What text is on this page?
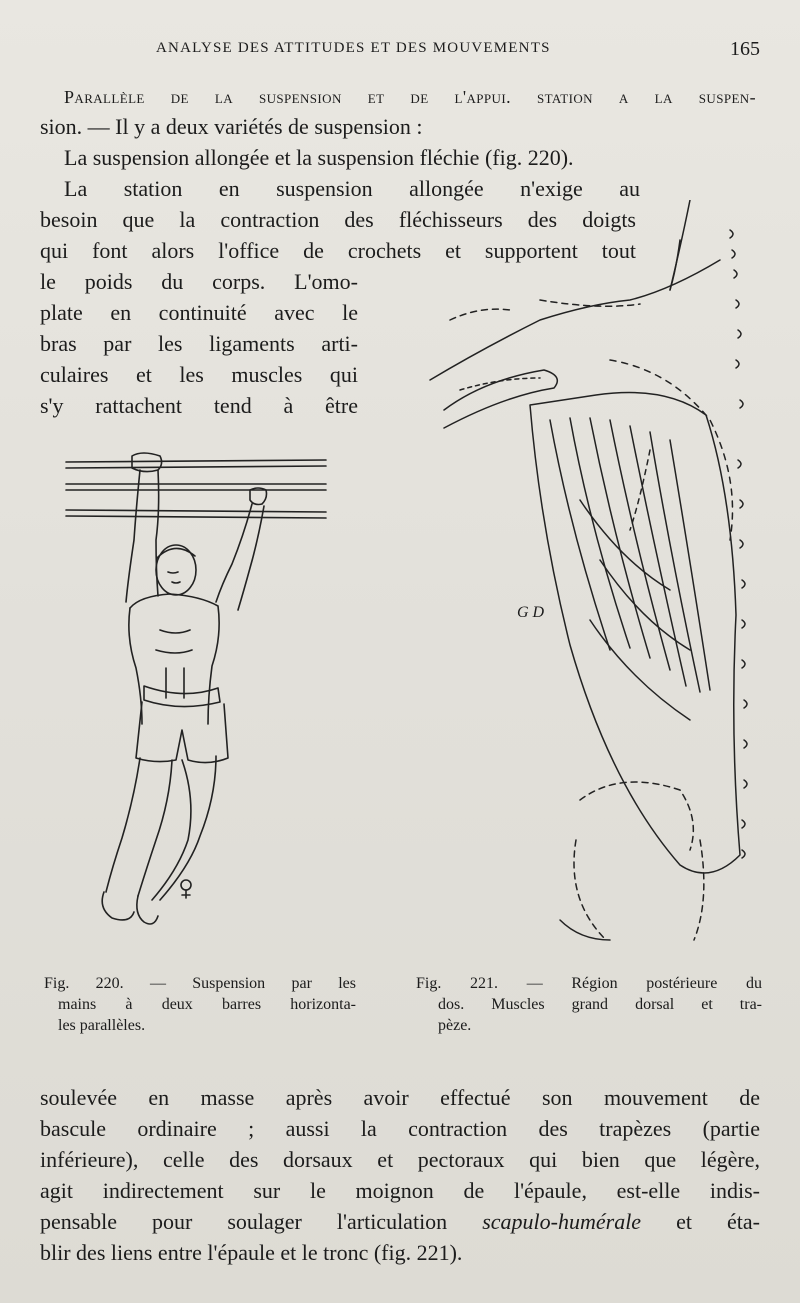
ANALYSE DES ATTITUDES ET DES MOUVEMENTS	165
Parallèle de la suspension et de l'appui. station a la suspen-
sion. — Il y a deux variétés de suspension :
La suspension allongée et la suspension fléchie (fig. 220).
La station en suspension allongée n'exige au
besoin que la contraction des fléchisseurs des doigts
qui font alors l'office de crochets et supportent tout
le poids du corps. L'omo-
plate en continuité avec le
bras par les ligaments arti-
culaires et les muscles qui
s'y rattachent tend à être
G D
Fig. 220. — Suspension par les
mains à deux barres horizonta-
les parallèles.
Fig. 221. — Région postérieure du
dos. Muscles grand dorsal et tra-
pèze.
soulevée en masse après avoir effectué son mouvement de
bascule ordinaire ; aussi la contraction des trapèzes (partie
inférieure), celle des dorsaux et pectoraux qui bien que légère,
agit indirectement sur le moignon de l'épaule, est-elle indis-
pensable pour soulager l'articulation scapulo-humérale et éta-
blir des liens entre l'épaule et le tronc (fig. 221).
